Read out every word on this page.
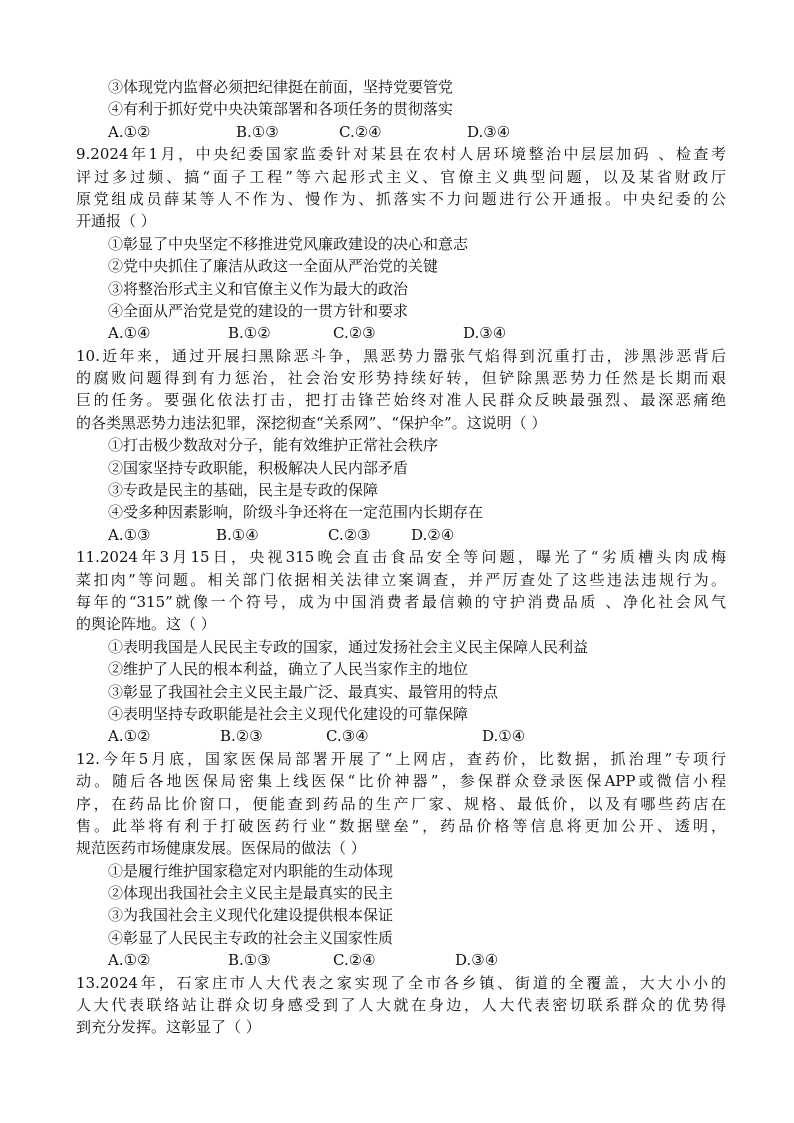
③体现党内监督必须把纪律挺在前面，坚持党要管党
④有利于抓好党中央决策部署和各项任务的贯彻落实
A.①②	B.①③	C.②④	D.③④
9.2024年1月，中央纪委国家监委针对某县在农村人居环境整治中层层加码 、检查考
评过多过频、搞“面子工程”等六起形式主义、官僚主义典型问题，以及某省财政厅
原党组成员薛某等人不作为、慢作为、抓落实不力问题进行公开通报。中央纪委的公
开通报（ ）
①彰显了中央坚定不移推进党风廉政建设的决心和意志
②党中央抓住了廉洁从政这一全面从严治党的关键
③将整治形式主义和官僚主义作为最大的政治
④全面从严治党是党的建设的一贯方针和要求
A.①④	B.①②	C.②③	D.③④
10.近年来，通过开展扫黑除恶斗争，黑恶势力嚣张气焰得到沉重打击，涉黑涉恶背后
的腐败问题得到有力惩治，社会治安形势持续好转，但铲除黑恶势力任然是长期而艰
巨的任务。要强化依法打击，把打击锋芒始终对准人民群众反映最强烈、最深恶痛绝
的各类黑恶势力违法犯罪，深挖彻查“关系网”、“保护伞”。这说明（ ）
①打击极少数敌对分子，能有效维护正常社会秩序
②国家坚持专政职能，积极解决人民内部矛盾
③专政是民主的基础，民主是专政的保障
④受多种因素影响，阶级斗争还将在一定范围内长期存在
A.①③	B.①④	C.②③	D.②④
11.2024年3月15日，央视315晚会直击食品安全等问题，曝光了“劣质槽头肉成梅
菜扣肉”等问题。相关部门依据相关法律立案调查，并严厉查处了这些违法违规行为。
每年的“315”就像一个符号，成为中国消费者最信赖的守护消费品质 、净化社会风气
的舆论阵地。这（ ）
①表明我国是人民民主专政的国家，通过发扬社会主义民主保障人民利益
②维护了人民的根本利益，确立了人民当家作主的地位
③彰显了我国社会主义民主最广泛、最真实、最管用的特点
④表明坚持专政职能是社会主义现代化建设的可靠保障
A.①②	B.②③	C.③④	D.①④
12.今年5月底，国家医保局部署开展了“上网店，查药价，比数据，抓治理”专项行
动。随后各地医保局密集上线医保“比价神器”，参保群众登录医保APP或微信小程
序，在药品比价窗口，便能查到药品的生产厂家、规格、最低价，以及有哪些药店在
售。此举将有利于打破医药行业“数据壁垒”，药品价格等信息将更加公开、透明，
规范医药市场健康发展。医保局的做法（ ）
①是履行维护国家稳定对内职能的生动体现
②体现出我国社会主义民主是最真实的民主
③为我国社会主义现代化建设提供根本保证
④彰显了人民民主专政的社会主义国家性质
A.①②	B.①③	C.②④	D.③④
13.2024年，石家庄市人大代表之家实现了全市各乡镇、街道的全覆盖，大大小小的
人大代表联络站让群众切身感受到了人大就在身边，人大代表密切联系群众的优势得
到充分发挥。这彰显了（ ）
